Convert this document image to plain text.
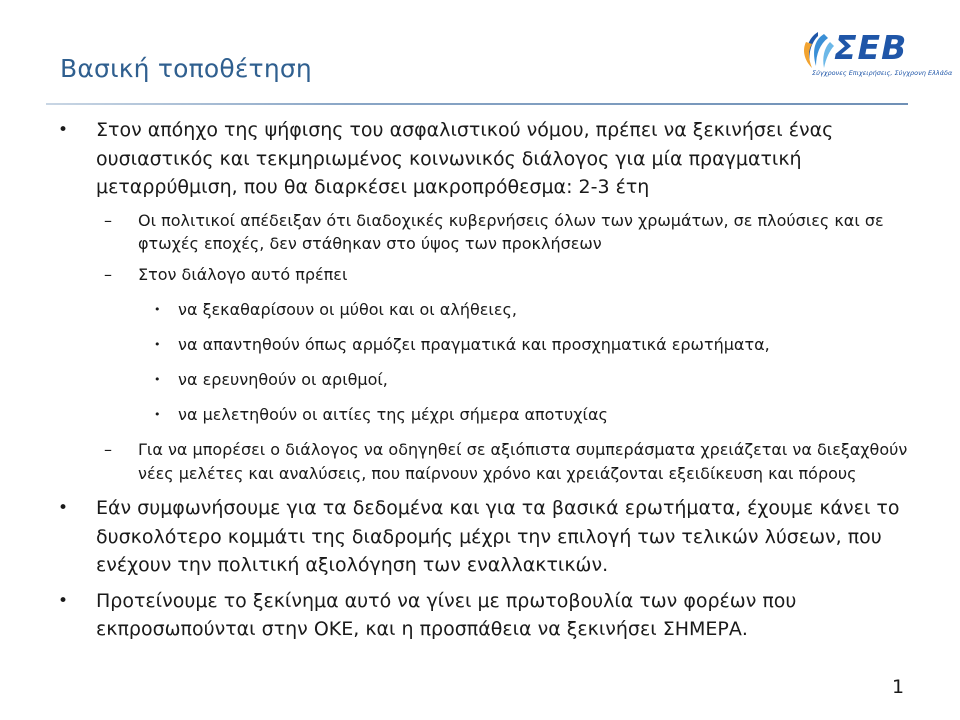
Βασική τοποθέτηση
ΣΕΒ
Σύγχρονες Επιχειρήσεις, Σύγχρονη Ελλάδα
• Στον απόηχο της ψήφισης του ασφαλιστικού νόμου, πρέπει να ξεκινήσει ένας ουσιαστικός και τεκμηριωμένος κοινωνικός διάλογος για μία πραγματική μεταρρύθμιση, που θα διαρκέσει μακροπρόθεσμα: 2-3 έτη
– Οι πολιτικοί απέδειξαν ότι διαδοχικές κυβερνήσεις όλων των χρωμάτων, σε πλούσιες και σε φτωχές εποχές, δεν στάθηκαν στο ύψος των προκλήσεων
– Στον διάλογο αυτό πρέπει
• να ξεκαθαρίσουν οι μύθοι και οι αλήθειες,
• να απαντηθούν όπως αρμόζει πραγματικά και προσχηματικά ερωτήματα,
• να ερευνηθούν οι αριθμοί,
• να μελετηθούν οι αιτίες της μέχρι σήμερα αποτυχίας
– Για να μπορέσει ο διάλογος να οδηγηθεί σε αξιόπιστα συμπεράσματα χρειάζεται να διεξαχθούν νέες μελέτες και αναλύσεις, που παίρνουν χρόνο και χρειάζονται εξειδίκευση και πόρους
• Εάν συμφωνήσουμε για τα δεδομένα και για τα βασικά ερωτήματα, έχουμε κάνει το δυσκολότερο κομμάτι της διαδρομής μέχρι την επιλογή των τελικών λύσεων, που ενέχουν την πολιτική αξιολόγηση των εναλλακτικών.
• Προτείνουμε το ξεκίνημα αυτό να γίνει με πρωτοβουλία των φορέων που εκπροσωπούνται στην ΟΚΕ, και η προσπάθεια να ξεκινήσει ΣΗΜΕΡΑ.
1
